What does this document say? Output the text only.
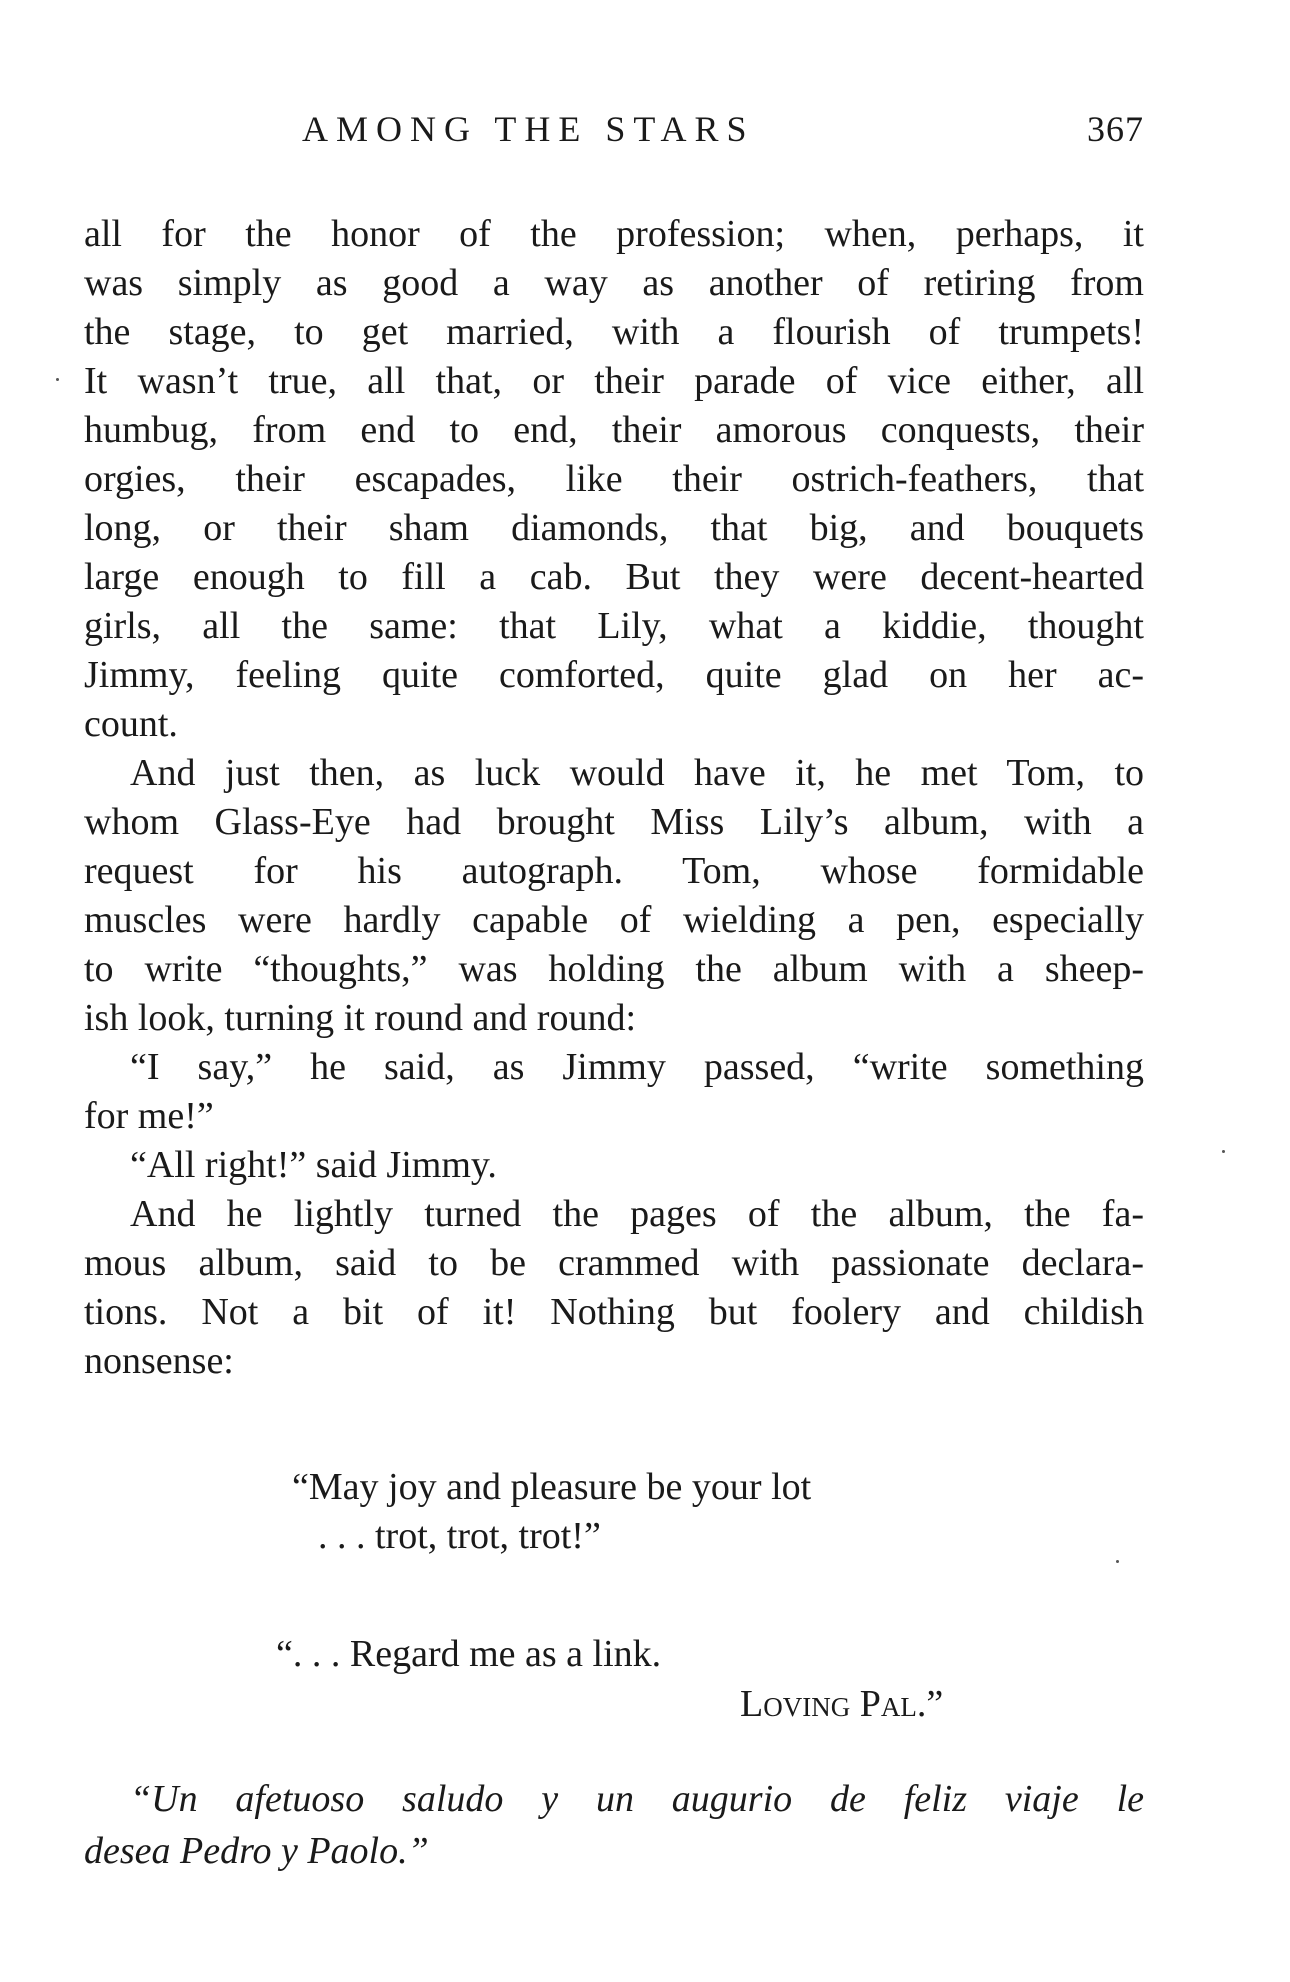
AMONG THE STARS	367
all for the honor of the profession; when, perhaps, it
was simply as good a way as another of retiring from
the stage, to get married, with a flourish of trumpets!
It wasn’t true, all that, or their parade of vice either, all
humbug, from end to end, their amorous conquests, their
orgies, their escapades, like their ostrich-feathers, that
long, or their sham diamonds, that big, and bouquets
large enough to fill a cab. But they were decent-hearted
girls, all the same: that Lily, what a kiddie, thought
Jimmy, feeling quite comforted, quite glad on her ac-
count.
And just then, as luck would have it, he met Tom, to
whom Glass-Eye had brought Miss Lily’s album, with a
request for his autograph. Tom, whose formidable
muscles were hardly capable of wielding a pen, especially
to write “thoughts,” was holding the album with a sheep-
ish look, turning it round and round:
“I say,” he said, as Jimmy passed, “write something
for me!”
“All right!” said Jimmy.
And he lightly turned the pages of the album, the fa-
mous album, said to be crammed with passionate declara-
tions. Not a bit of it! Nothing but foolery and childish
nonsense:
“May joy and pleasure be your lot
. . . trot, trot, trot!”
“. . . Regard me as a link.
Loving Pal.”
“Un afetuoso saludo y un augurio de feliz viaje le
desea Pedro y Paolo.”
